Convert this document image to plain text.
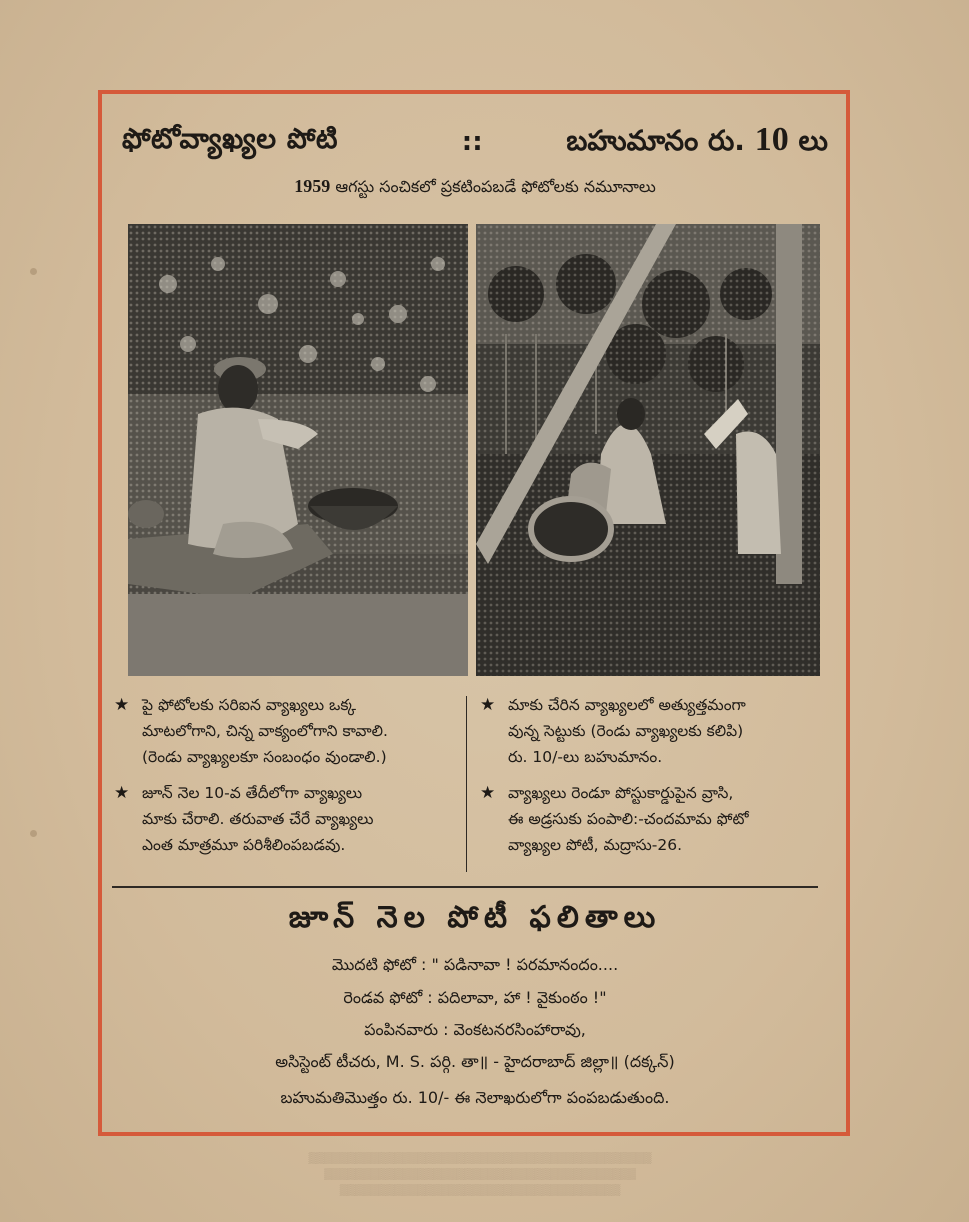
▒▒▒▒▒▒▒▒▒▒▒▒▒▒▒▒▒▒▒▒▒▒▒▒▒▒▒▒▒▒▒▒▒▒▒▒▒▒▒▒▒▒▒▒
▒▒▒▒▒▒▒▒▒▒▒▒▒▒▒▒▒▒▒▒▒▒▒▒▒▒▒▒▒▒▒▒▒▒▒▒▒▒▒▒
▒▒▒▒▒▒▒▒▒▒▒▒▒▒▒▒▒▒▒▒▒▒▒▒▒▒▒▒▒▒▒▒▒▒▒▒
ఫోటోవ్యాఖ్యల పోటి	::	బహుమానం రు. 10 లు
1959 ఆగస్టు సంచికలో ప్రకటింపబడే ఫోటోలకు నమూనాలు
★ పై ఫోటోలకు సరిఐన వ్యాఖ్యలు ఒక్క
మాటలోగాని, చిన్న వాక్యంలోగాని కావాలి.
(రెండు వ్యాఖ్యలకూ సంబంధం వుండాలి.)
★ జూన్ నెల 10-వ తేదీలోగా వ్యాఖ్యలు
మాకు చేరాలి. తరువాత చేరే వ్యాఖ్యలు
ఎంత మాత్రమూ పరిశీలింపబడవు.
★ మాకు చేరిన వ్యాఖ్యలలో అత్యుత్తమంగా
వున్న సెట్టుకు (రెండు వ్యాఖ్యలకు కలిపి)
రు. 10/-లు బహుమానం.
★ వ్యాఖ్యలు రెండూ పోస్టుకార్డుపైన వ్రాసి,
ఈ అడ్రసుకు పంపాలి:-చందమామ ఫోటో
వ్యాఖ్యల పోటీ, మద్రాసు-26.
జూన్ నెల పోటీ ఫలితాలు
మొదటి ఫోటో : " పడినావా ! పరమానందం....
రెండవ ఫోటో : పదిలావా, హా ! వైకుంఠం !"
పంపినవారు : వెంకటనరసింహారావు,
అసిస్టెంట్ టీచరు, M. S. పర్గి. తా॥ - హైదరాబాద్ జిల్లా॥ (దక్కన్)
బహుమతిమొత్తం రు. 10/- ఈ నెలాఖరులోగా పంపబడుతుంది.
